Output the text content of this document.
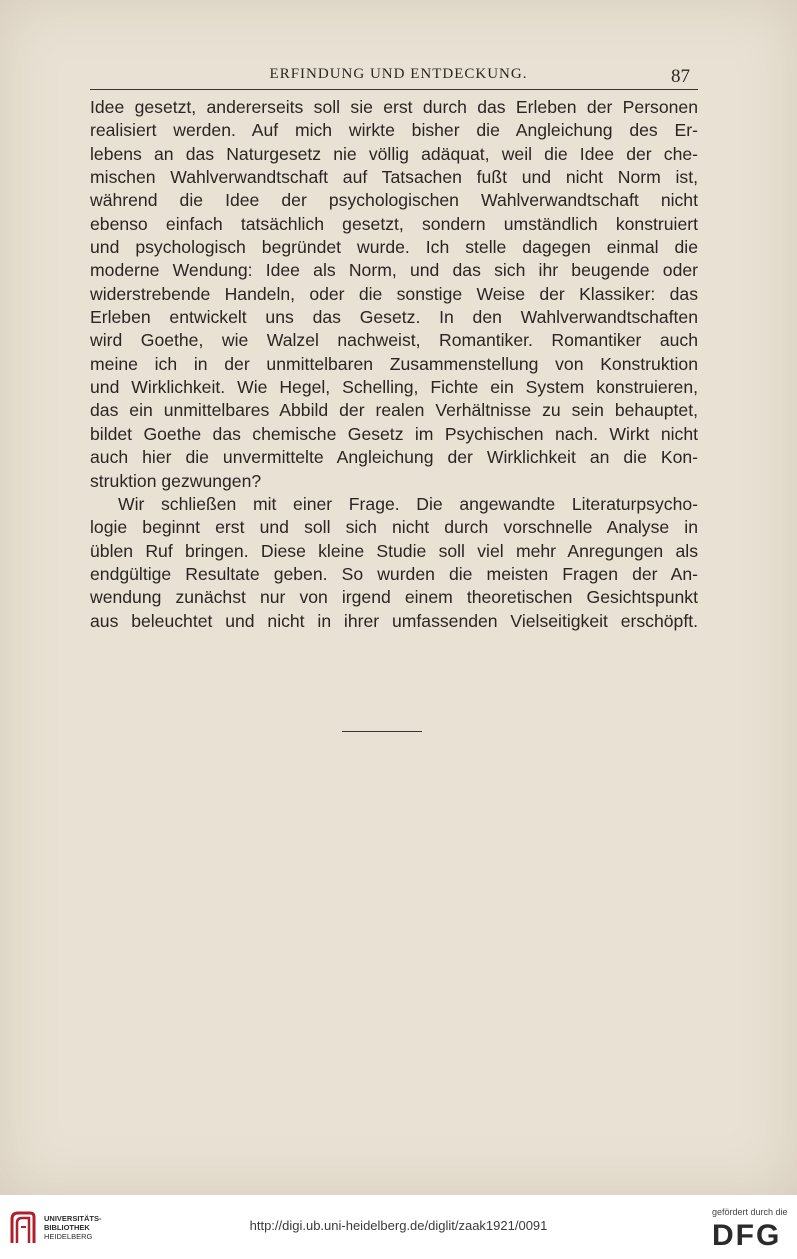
ERFINDUNG UND ENTDECKUNG.	87
Idee gesetzt, andererseits soll sie erst durch das Erleben der Personen
realisiert werden. Auf mich wirkte bisher die Angleichung des Er-
lebens an das Naturgesetz nie völlig adäquat, weil die Idee der che-
mischen Wahlverwandtschaft auf Tatsachen fußt und nicht Norm ist,
während die Idee der psychologischen Wahlverwandtschaft nicht
ebenso einfach tatsächlich gesetzt, sondern umständlich konstruiert
und psychologisch begründet wurde. Ich stelle dagegen einmal die
moderne Wendung: Idee als Norm, und das sich ihr beugende oder
widerstrebende Handeln, oder die sonstige Weise der Klassiker: das
Erleben entwickelt uns das Gesetz. In den Wahlverwandtschaften
wird Goethe, wie Walzel nachweist, Romantiker. Romantiker auch
meine ich in der unmittelbaren Zusammenstellung von Konstruktion
und Wirklichkeit. Wie Hegel, Schelling, Fichte ein System konstruieren,
das ein unmittelbares Abbild der realen Verhältnisse zu sein behauptet,
bildet Goethe das chemische Gesetz im Psychischen nach. Wirkt nicht
auch hier die unvermittelte Angleichung der Wirklichkeit an die Kon-
struktion gezwungen?
Wir schließen mit einer Frage. Die angewandte Literaturpsycho-
logie beginnt erst und soll sich nicht durch vorschnelle Analyse in
üblen Ruf bringen. Diese kleine Studie soll viel mehr Anregungen als
endgültige Resultate geben. So wurden die meisten Fragen der An-
wendung zunächst nur von irgend einem theoretischen Gesichtspunkt
aus beleuchtet und nicht in ihrer umfassenden Vielseitigkeit erschöpft.
UNIVERSITÄTS-
BIBLIOTHEK
HEIDELBERG
http://digi.ub.uni-heidelberg.de/diglit/zaak1921/0091
gefördert durch die
DFG
